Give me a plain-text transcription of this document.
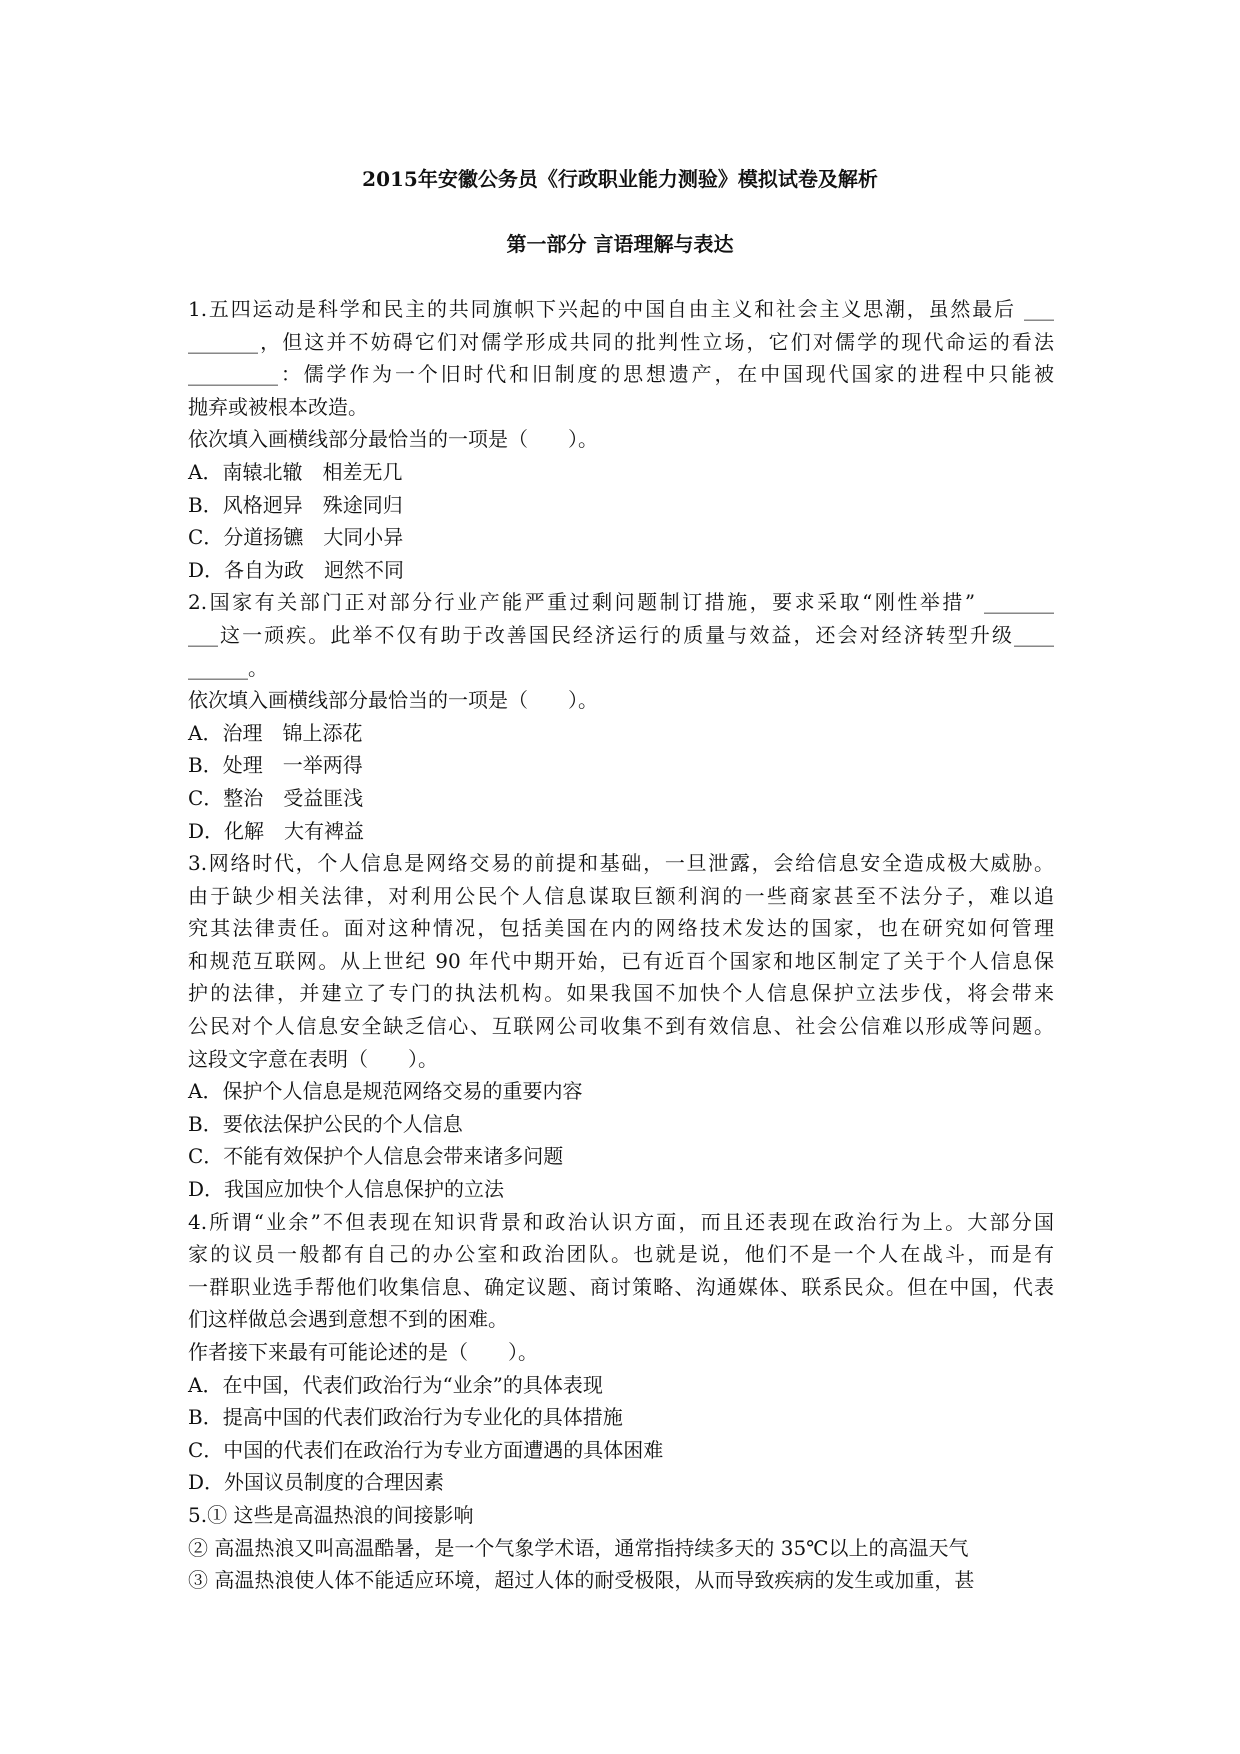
2015年安徽公务员《行政职业能力测验》模拟试卷及解析
第一部分 言语理解与表达
1.五四运动是科学和民主的共同旗帜下兴起的中国自由主义和社会主义思潮，虽然最后 ___
_______，但这并不妨碍它们对儒学形成共同的批判性立场，它们对儒学的现代命运的看法
_________：儒学作为一个旧时代和旧制度的思想遗产，在中国现代国家的进程中只能被
抛弃或被根本改造。
依次填入画横线部分最恰当的一项是（　　）。
A．南辕北辙　相差无几
B．风格迥异　殊途同归
C．分道扬镳　大同小异
D．各自为政　迥然不同
2.国家有关部门正对部分行业产能严重过剩问题制订措施，要求采取“刚性举措” _______
___这一顽疾。此举不仅有助于改善国民经济运行的质量与效益，还会对经济转型升级____
______。
依次填入画横线部分最恰当的一项是（　　）。
A．治理　锦上添花
B．处理　一举两得
C．整治　受益匪浅
D．化解　大有裨益
3.网络时代，个人信息是网络交易的前提和基础，一旦泄露，会给信息安全造成极大威胁。
由于缺少相关法律，对利用公民个人信息谋取巨额利润的一些商家甚至不法分子，难以追
究其法律责任。面对这种情况，包括美国在内的网络技术发达的国家，也在研究如何管理
和规范互联网。从上世纪 90 年代中期开始，已有近百个国家和地区制定了关于个人信息保
护的法律，并建立了专门的执法机构。如果我国不加快个人信息保护立法步伐，将会带来
公民对个人信息安全缺乏信心、互联网公司收集不到有效信息、社会公信难以形成等问题。
这段文字意在表明（　　）。
A．保护个人信息是规范网络交易的重要内容
B．要依法保护公民的个人信息
C．不能有效保护个人信息会带来诸多问题
D．我国应加快个人信息保护的立法
4.所谓“业余”不但表现在知识背景和政治认识方面，而且还表现在政治行为上。大部分国
家的议员一般都有自己的办公室和政治团队。也就是说，他们不是一个人在战斗，而是有
一群职业选手帮他们收集信息、确定议题、商讨策略、沟通媒体、联系民众。但在中国，代表
们这样做总会遇到意想不到的困难。
作者接下来最有可能论述的是（　　）。
A．在中国，代表们政治行为“业余”的具体表现
B．提高中国的代表们政治行为专业化的具体措施
C．中国的代表们在政治行为专业方面遭遇的具体困难
D．外国议员制度的合理因素
5.① 这些是高温热浪的间接影响
② 高温热浪又叫高温酷暑，是一个气象学术语，通常指持续多天的 35℃以上的高温天气
③ 高温热浪使人体不能适应环境，超过人体的耐受极限，从而导致疾病的发生或加重，甚
